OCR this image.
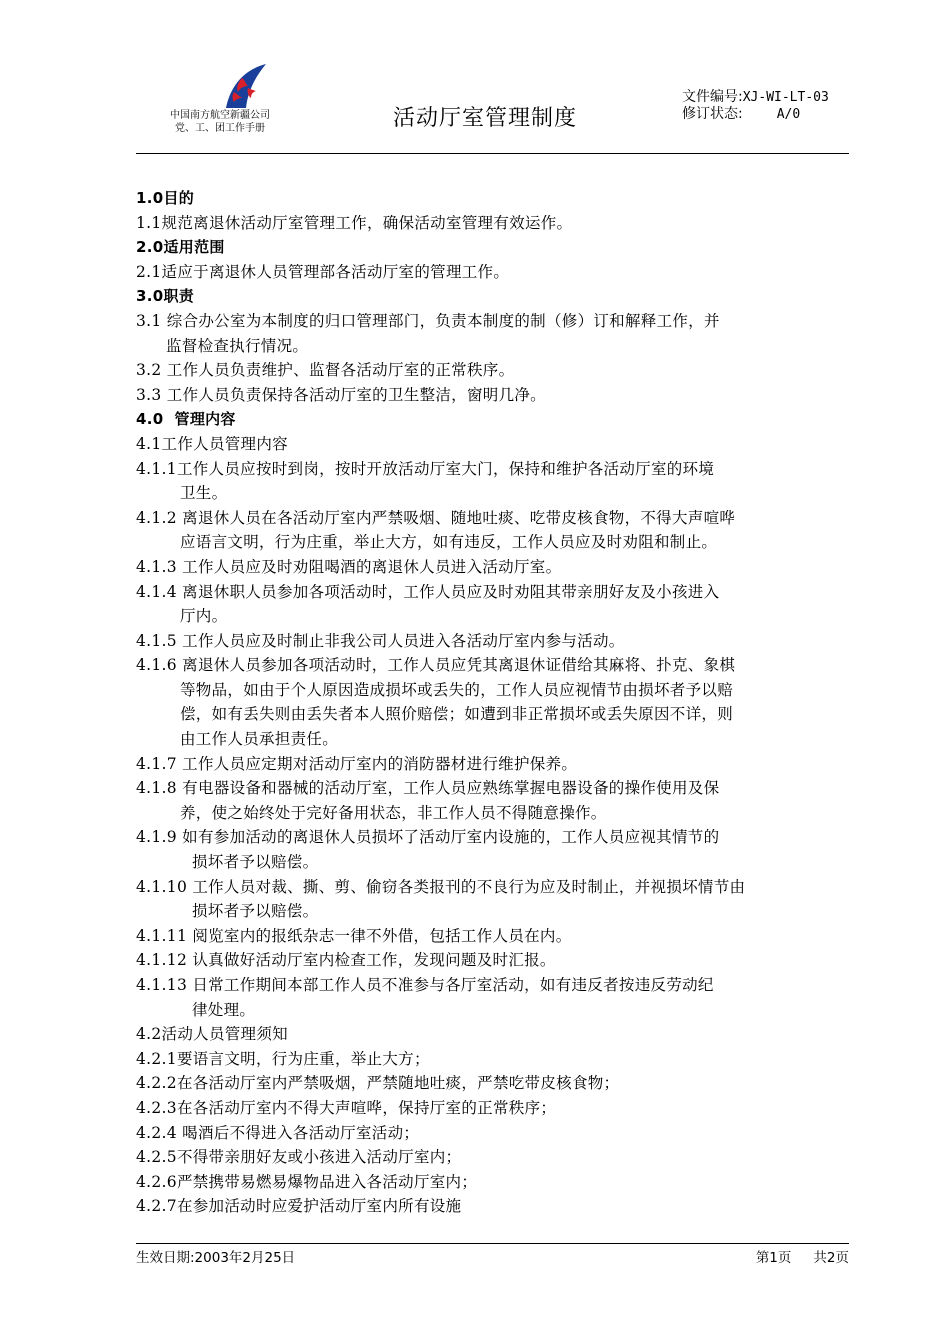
中国南方航空新疆公司
党、工、团工作手册	活动厅室管理制度
文件编号:XJ-WI-LT-03
修订状态:	A/0
1.0目的
1.1规范离退休活动厅室管理工作，确保活动室管理有效运作。
2.0适用范围
2.1适应于离退休人员管理部各活动厅室的管理工作。
3.0职责
3.1 综合办公室为本制度的归口管理部门，负责本制度的制（修）订和解释工作，并
监督检查执行情况。
3.2 工作人员负责维护、监督各活动厅室的正常秩序。
3.3 工作人员负责保持各活动厅室的卫生整洁，窗明几净。
4.0  管理内容
4.1工作人员管理内容
4.1.1工作人员应按时到岗，按时开放活动厅室大门，保持和维护各活动厅室的环境
卫生。
4.1.2 离退休人员在各活动厅室内严禁吸烟、随地吐痰、吃带皮核食物，不得大声喧哗
应语言文明，行为庄重，举止大方，如有违反，工作人员应及时劝阻和制止。
4.1.3 工作人员应及时劝阻喝酒的离退休人员进入活动厅室。
4.1.4 离退休职人员参加各项活动时，工作人员应及时劝阻其带亲朋好友及小孩进入
厅内。
4.1.5 工作人员应及时制止非我公司人员进入各活动厅室内参与活动。
4.1.6 离退休人员参加各项活动时，工作人员应凭其离退休证借给其麻将、扑克、象棋
等物品，如由于个人原因造成损坏或丢失的，工作人员应视情节由损坏者予以赔
偿，如有丢失则由丢失者本人照价赔偿；如遭到非正常损坏或丢失原因不详，则
由工作人员承担责任。
4.1.7 工作人员应定期对活动厅室内的消防器材进行维护保养。
4.1.8 有电器设备和器械的活动厅室，工作人员应熟练掌握电器设备的操作使用及保
养，使之始终处于完好备用状态，非工作人员不得随意操作。
4.1.9 如有参加活动的离退休人员损坏了活动厅室内设施的，工作人员应视其情节的
损坏者予以赔偿。
4.1.10 工作人员对裁、撕、剪、偷窃各类报刊的不良行为应及时制止，并视损坏情节由
损坏者予以赔偿。
4.1.11 阅览室内的报纸杂志一律不外借，包括工作人员在内。
4.1.12 认真做好活动厅室内检查工作，发现问题及时汇报。
4.1.13 日常工作期间本部工作人员不准参与各厅室活动，如有违反者按违反劳动纪
律处理。
4.2活动人员管理须知
4.2.1要语言文明，行为庄重，举止大方；
4.2.2在各活动厅室内严禁吸烟，严禁随地吐痰，严禁吃带皮核食物；
4.2.3在各活动厅室内不得大声喧哗，保持厅室的正常秩序；
4.2.4 喝酒后不得进入各活动厅室活动；
4.2.5不得带亲朋好友或小孩进入活动厅室内；
4.2.6严禁携带易燃易爆物品进入各活动厅室内；
4.2.7在参加活动时应爱护活动厅室内所有设施
生效日期:2003年2月25日	第1页 共2页
